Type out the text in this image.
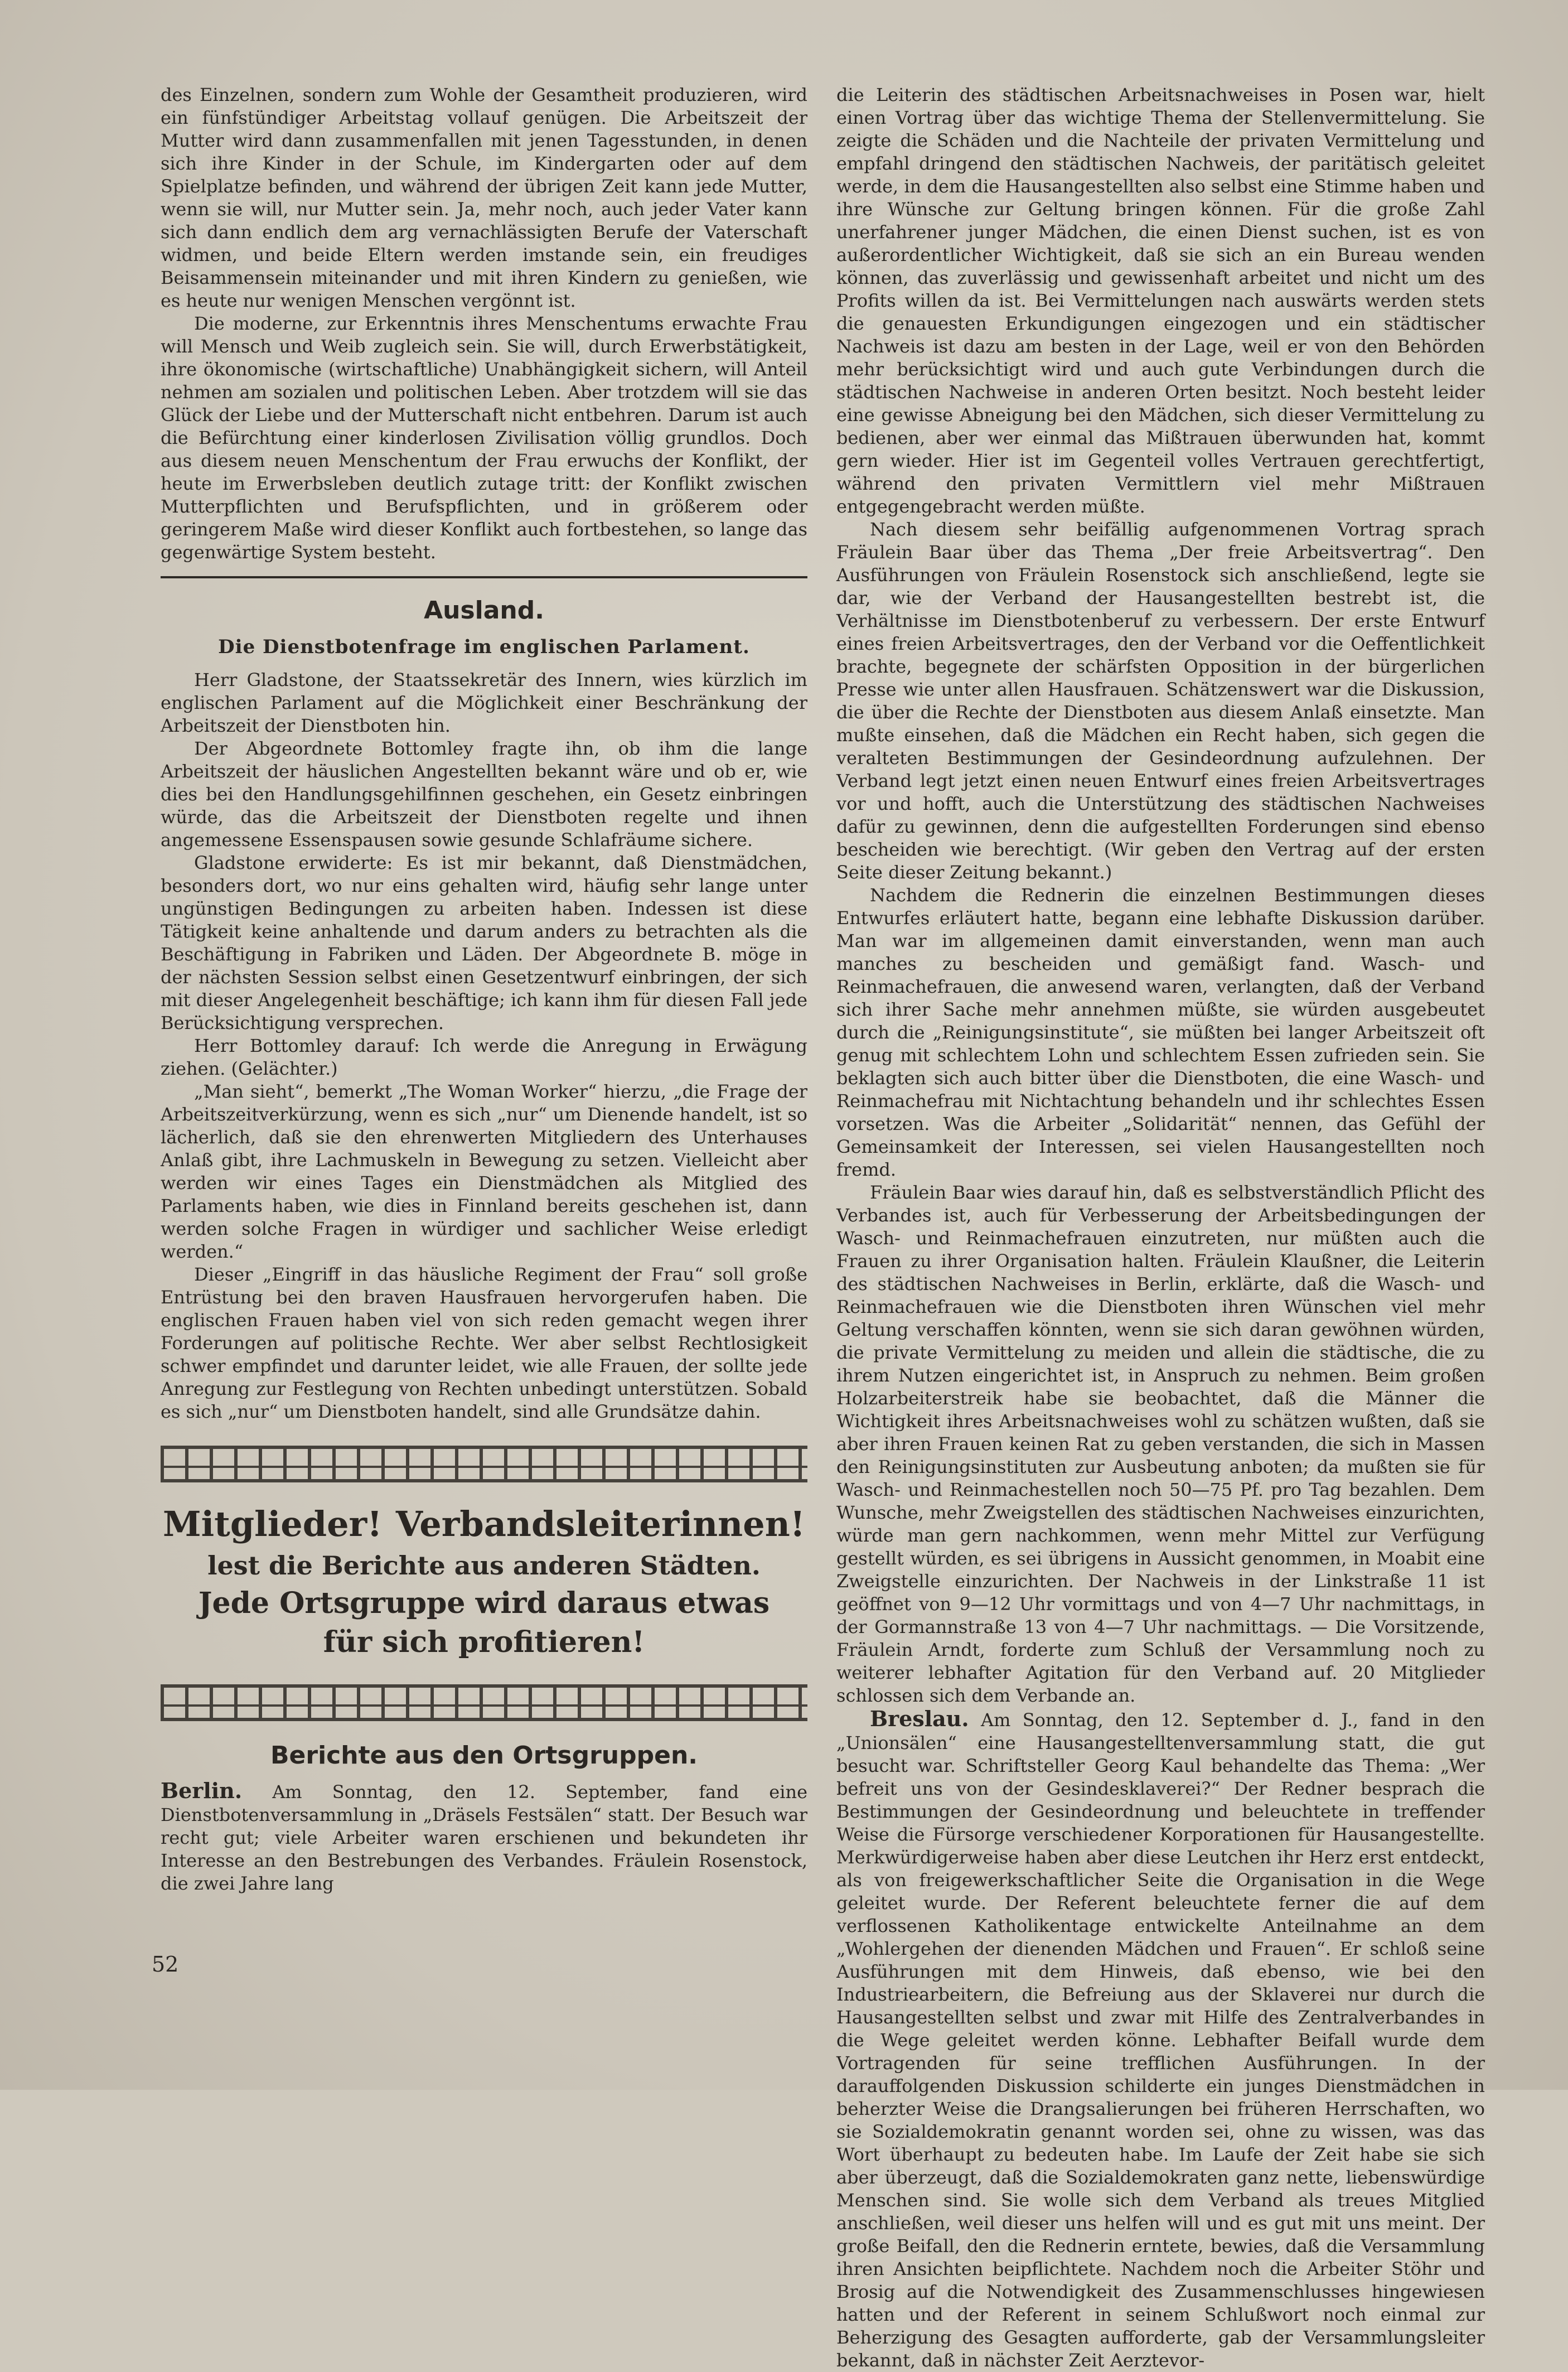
des Einzelnen, sondern zum Wohle der Gesamtheit produzieren, wird ein fünfstündiger Arbeitstag vollauf genügen. Die Arbeitszeit der Mutter wird dann zusammenfallen mit jenen Tagesstunden, in denen sich ihre Kinder in der Schule, im Kindergarten oder auf dem Spielplatze befinden, und während der übrigen Zeit kann jede Mutter, wenn sie will, nur Mutter sein. Ja, mehr noch, auch jeder Vater kann sich dann endlich dem arg vernachlässigten Berufe der Vaterschaft widmen, und beide Eltern werden imstande sein, ein freudiges Beisammensein miteinander und mit ihren Kindern zu genießen, wie es heute nur wenigen Menschen vergönnt ist.

Die moderne, zur Erkenntnis ihres Menschentums erwachte Frau will Mensch und Weib zugleich sein. Sie will, durch Erwerbstätigkeit, ihre ökonomische (wirtschaftliche) Unabhängigkeit sichern, will Anteil nehmen am sozialen und politischen Leben. Aber trotzdem will sie das Glück der Liebe und der Mutterschaft nicht entbehren. Darum ist auch die Befürchtung einer kinderlosen Zivilisation völlig grundlos. Doch aus diesem neuen Menschentum der Frau erwuchs der Konflikt, der heute im Erwerbsleben deutlich zutage tritt: der Konflikt zwischen Mutterpflichten und Berufspflichten, und in größerem oder geringerem Maße wird dieser Konflikt auch fortbestehen, so lange das gegenwärtige System besteht.

Ausland.
Die Dienstbotenfrage im englischen Parlament.

Herr Gladstone, der Staatssekretär des Innern, wies kürzlich im englischen Parlament auf die Möglichkeit einer Beschränkung der Arbeitszeit der Dienstboten hin.

Der Abgeordnete Bottomley fragte ihn, ob ihm die lange Arbeitszeit der häuslichen Angestellten bekannt wäre und ob er, wie dies bei den Handlungsgehilfinnen geschehen, ein Gesetz einbringen würde, das die Arbeitszeit der Dienstboten regelte und ihnen angemessene Essenspausen sowie gesunde Schlafräume sichere.

Gladstone erwiderte: Es ist mir bekannt, daß Dienstmädchen, besonders dort, wo nur eins gehalten wird, häufig sehr lange unter ungünstigen Bedingungen zu arbeiten haben. Indessen ist diese Tätigkeit keine anhaltende und darum anders zu betrachten als die Beschäftigung in Fabriken und Läden. Der Abgeordnete B. möge in der nächsten Session selbst einen Gesetzentwurf einbringen, der sich mit dieser Angelegenheit beschäftige; ich kann ihm für diesen Fall jede Berücksichtigung versprechen.

Herr Bottomley darauf: Ich werde die Anregung in Erwägung ziehen. (Gelächter.)

„Man sieht“, bemerkt „The Woman Worker“ hierzu, „die Frage der Arbeitszeitverkürzung, wenn es sich „nur“ um Dienende handelt, ist so lächerlich, daß sie den ehrenwerten Mitgliedern des Unterhauses Anlaß gibt, ihre Lachmuskeln in Bewegung zu setzen. Vielleicht aber werden wir eines Tages ein Dienstmädchen als Mitglied des Parlaments haben, wie dies in Finnland bereits geschehen ist, dann werden solche Fragen in würdiger und sachlicher Weise erledigt werden.“

Dieser „Eingriff in das häusliche Regiment der Frau“ soll große Entrüstung bei den braven Hausfrauen hervorgerufen haben. Die englischen Frauen haben viel von sich reden gemacht wegen ihrer Forderungen auf politische Rechte. Wer aber selbst Rechtlosigkeit schwer empfindet und darunter leidet, wie alle Frauen, der sollte jede Anregung zur Festlegung von Rechten unbedingt unterstützen. Sobald es sich „nur“ um Dienstboten handelt, sind alle Grundsätze dahin.

Mitglieder! Verbandsleiterinnen!
lest die Berichte aus anderen Städten.
Jede Ortsgruppe wird daraus etwas
für sich profitieren!
Berichte aus den Ortsgruppen.

Berlin. Am Sonntag, den 12. September, fand eine Dienstbotenversammlung in „Dräsels Festsälen“ statt. Der Besuch war recht gut; viele Arbeiter waren erschienen und bekundeten ihr Interesse an den Bestrebungen des Verbandes. Fräulein Rosenstock, die zwei Jahre lang

die Leiterin des städtischen Arbeitsnachweises in Posen war, hielt einen Vortrag über das wichtige Thema der Stellenvermittelung. Sie zeigte die Schäden und die Nachteile der privaten Vermittelung und empfahl dringend den städtischen Nachweis, der paritätisch geleitet werde, in dem die Hausangestellten also selbst eine Stimme haben und ihre Wünsche zur Geltung bringen können. Für die große Zahl unerfahrener junger Mädchen, die einen Dienst suchen, ist es von außerordentlicher Wichtigkeit, daß sie sich an ein Bureau wenden können, das zuverlässig und gewissenhaft arbeitet und nicht um des Profits willen da ist. Bei Vermittelungen nach auswärts werden stets die genauesten Erkundigungen eingezogen und ein städtischer Nachweis ist dazu am besten in der Lage, weil er von den Behörden mehr berücksichtigt wird und auch gute Verbindungen durch die städtischen Nachweise in anderen Orten besitzt. Noch besteht leider eine gewisse Abneigung bei den Mädchen, sich dieser Vermittelung zu bedienen, aber wer einmal das Mißtrauen überwunden hat, kommt gern wieder. Hier ist im Gegenteil volles Vertrauen gerechtfertigt, während den privaten Vermittlern viel mehr Mißtrauen entgegengebracht werden müßte.

Nach diesem sehr beifällig aufgenommenen Vortrag sprach Fräulein Baar über das Thema „Der freie Arbeitsvertrag“. Den Ausführungen von Fräulein Rosenstock sich anschließend, legte sie dar, wie der Verband der Hausangestellten bestrebt ist, die Verhältnisse im Dienstbotenberuf zu verbessern. Der erste Entwurf eines freien Arbeitsvertrages, den der Verband vor die Oeffentlichkeit brachte, begegnete der schärfsten Opposition in der bürgerlichen Presse wie unter allen Hausfrauen. Schätzenswert war die Diskussion, die über die Rechte der Dienstboten aus diesem Anlaß einsetzte. Man mußte einsehen, daß die Mädchen ein Recht haben, sich gegen die veralteten Bestimmungen der Gesindeordnung aufzulehnen. Der Verband legt jetzt einen neuen Entwurf eines freien Arbeitsvertrages vor und hofft, auch die Unterstützung des städtischen Nachweises dafür zu gewinnen, denn die aufgestellten Forderungen sind ebenso bescheiden wie berechtigt. (Wir geben den Vertrag auf der ersten Seite dieser Zeitung bekannt.)

Nachdem die Rednerin die einzelnen Bestimmungen dieses Entwurfes erläutert hatte, begann eine lebhafte Diskussion darüber. Man war im allgemeinen damit einverstanden, wenn man auch manches zu bescheiden und gemäßigt fand. Wasch- und Reinmachefrauen, die anwesend waren, verlangten, daß der Verband sich ihrer Sache mehr annehmen müßte, sie würden ausgebeutet durch die „Reinigungsinstitute“, sie müßten bei langer Arbeitszeit oft genug mit schlechtem Lohn und schlechtem Essen zufrieden sein. Sie beklagten sich auch bitter über die Dienstboten, die eine Wasch- und Reinmachefrau mit Nichtachtung behandeln und ihr schlechtes Essen vorsetzen. Was die Arbeiter „Solidarität“ nennen, das Gefühl der Gemeinsamkeit der Interessen, sei vielen Hausangestellten noch fremd.

Fräulein Baar wies darauf hin, daß es selbstverständlich Pflicht des Verbandes ist, auch für Verbesserung der Arbeitsbedingungen der Wasch- und Reinmachefrauen einzutreten, nur müßten auch die Frauen zu ihrer Organisation halten. Fräulein Klaußner, die Leiterin des städtischen Nachweises in Berlin, erklärte, daß die Wasch- und Reinmachefrauen wie die Dienstboten ihren Wünschen viel mehr Geltung verschaffen könnten, wenn sie sich daran gewöhnen würden, die private Vermittelung zu meiden und allein die städtische, die zu ihrem Nutzen eingerichtet ist, in Anspruch zu nehmen. Beim großen Holzarbeiterstreik habe sie beobachtet, daß die Männer die Wichtigkeit ihres Arbeitsnachweises wohl zu schätzen wußten, daß sie aber ihren Frauen keinen Rat zu geben verstanden, die sich in Massen den Reinigungsinstituten zur Ausbeutung anboten; da mußten sie für Wasch- und Reinmachestellen noch 50—75 Pf. pro Tag bezahlen. Dem Wunsche, mehr Zweigstellen des städtischen Nachweises einzurichten, würde man gern nachkommen, wenn mehr Mittel zur Verfügung gestellt würden, es sei übrigens in Aussicht genommen, in Moabit eine Zweigstelle einzurichten. Der Nachweis in der Linkstraße 11 ist geöffnet von 9—12 Uhr vormittags und von 4—7 Uhr nachmittags, in der Gormannstraße 13 von 4—7 Uhr nachmittags. — Die Vorsitzende, Fräulein Arndt, forderte zum Schluß der Versammlung noch zu weiterer lebhafter Agitation für den Verband auf. 20 Mitglieder schlossen sich dem Verbande an.

Breslau. Am Sonntag, den 12. September d. J., fand in den „Unionsälen“ eine Hausangestelltenversammlung statt, die gut besucht war. Schriftsteller Georg Kaul behandelte das Thema: „Wer befreit uns von der Gesindesklaverei?“ Der Redner besprach die Bestimmungen der Gesindeordnung und beleuchtete in treffender Weise die Fürsorge verschiedener Korporationen für Hausangestellte. Merkwürdigerweise haben aber diese Leutchen ihr Herz erst entdeckt, als von freigewerkschaftlicher Seite die Organisation in die Wege geleitet wurde. Der Referent beleuchtete ferner die auf dem verflossenen Katholikentage entwickelte Anteilnahme an dem „Wohlergehen der dienenden Mädchen und Frauen“. Er schloß seine Ausführungen mit dem Hinweis, daß ebenso, wie bei den Industriearbeitern, die Befreiung aus der Sklaverei nur durch die Hausangestellten selbst und zwar mit Hilfe des Zentralverbandes in die Wege geleitet werden könne. Lebhafter Beifall wurde dem Vortragenden für seine trefflichen Ausführungen. In der darauffolgenden Diskussion schilderte ein junges Dienstmädchen in beherzter Weise die Drangsalierungen bei früheren Herrschaften, wo sie Sozialdemokratin genannt worden sei, ohne zu wissen, was das Wort überhaupt zu bedeuten habe. Im Laufe der Zeit habe sie sich aber überzeugt, daß die Sozialdemokraten ganz nette, liebenswürdige Menschen sind. Sie wolle sich dem Verband als treues Mitglied anschließen, weil dieser uns helfen will und es gut mit uns meint. Der große Beifall, den die Rednerin erntete, bewies, daß die Versammlung ihren Ansichten beipflichtete. Nachdem noch die Arbeiter Stöhr und Brosig auf die Notwendigkeit des Zusammenschlusses hingewiesen hatten und der Referent in seinem Schlußwort noch einmal zur Beherzigung des Gesagten aufforderte, gab der Versammlungsleiter bekannt, daß in nächster Zeit Aerztevor-

52
